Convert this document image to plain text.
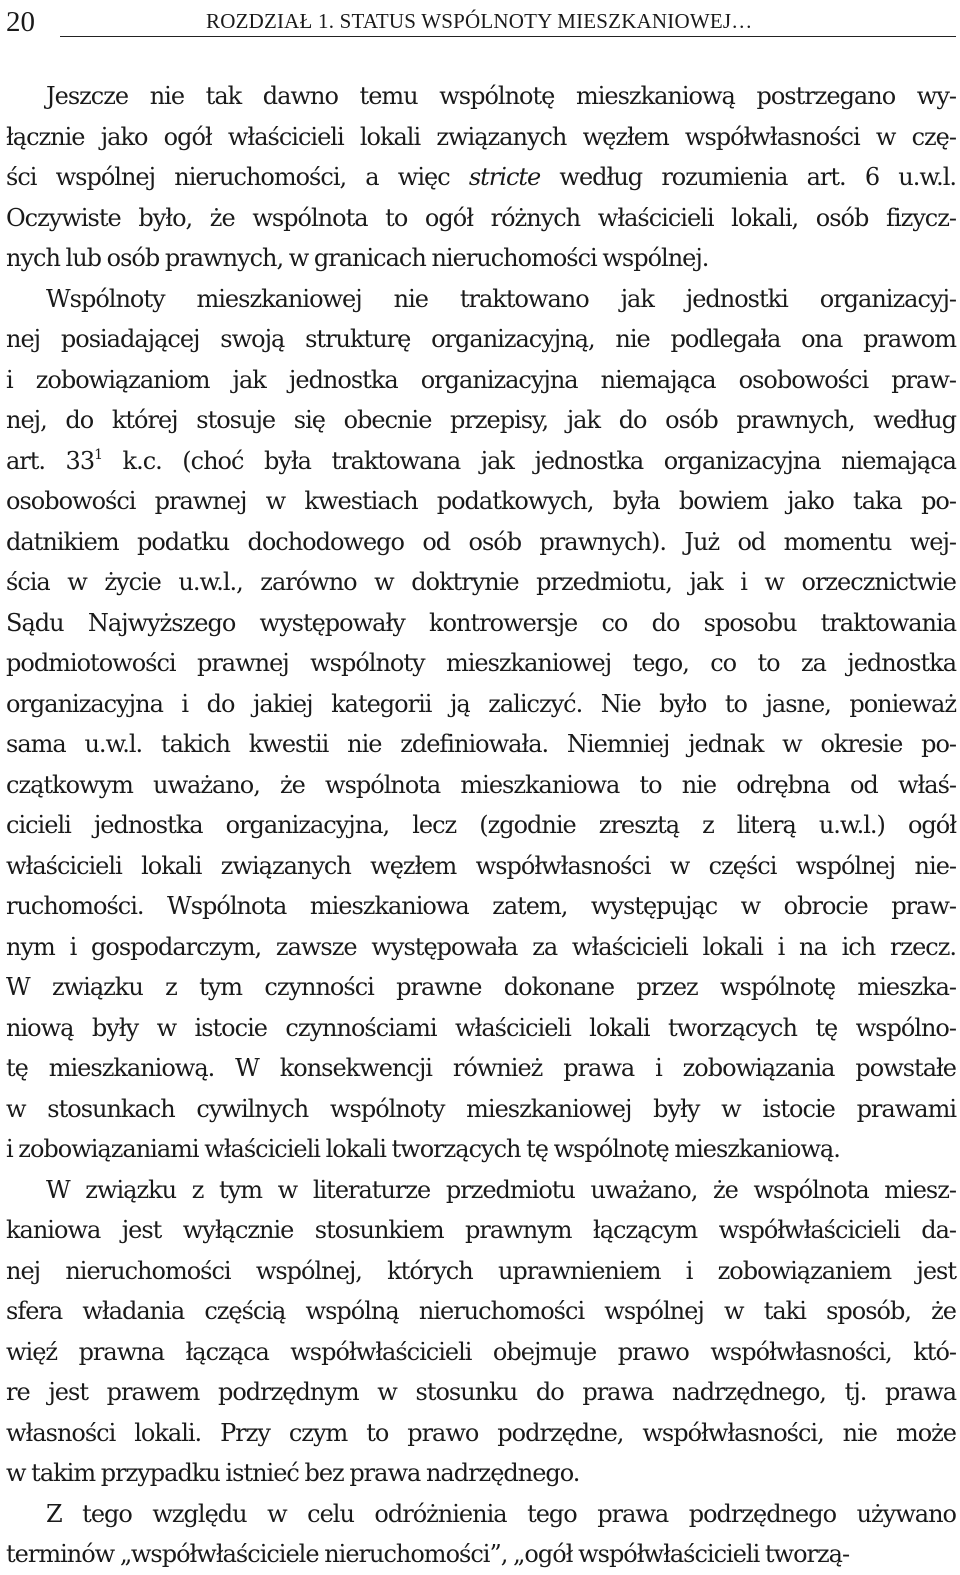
20	ROZDZIAŁ 1. STATUS WSPÓLNOTY MIESZKANIOWEJ…
Jeszcze nie tak dawno temu wspólnotę mieszkaniową postrzegano wy-
łącznie jako ogół właścicieli lokali związanych węzłem współwłasności w czę-
ści wspólnej nieruchomości, a więc stricte według rozumienia art. 6 u.w.l.
Oczywiste było, że wspólnota to ogół różnych właścicieli lokali, osób fizycz-
nych lub osób prawnych, w granicach nieruchomości wspólnej.
Wspólnoty mieszkaniowej nie traktowano jak jednostki organizacyj-
nej posiadającej swoją strukturę organizacyjną, nie podlegała ona prawom
i zobowiązaniom jak jednostka organizacyjna niemająca osobowości praw-
nej, do której stosuje się obecnie przepisy, jak do osób prawnych, według
art. $33^1$ k.c. (choć była traktowana jak jednostka organizacyjna niemająca
osobowości prawnej w kwestiach podatkowych, była bowiem jako taka po-
datnikiem podatku dochodowego od osób prawnych). Już od momentu wej-
ścia w życie u.w.l., zarówno w doktrynie przedmiotu, jak i w orzecznictwie
Sądu Najwyższego występowały kontrowersje co do sposobu traktowania
podmiotowości prawnej wspólnoty mieszkaniowej tego, co to za jednostka
organizacyjna i do jakiej kategorii ją zaliczyć. Nie było to jasne, ponieważ
sama u.w.l. takich kwestii nie zdefiniowała. Niemniej jednak w okresie po-
czątkowym uważano, że wspólnota mieszkaniowa to nie odrębna od właś-
cicieli jednostka organizacyjna, lecz (zgodnie zresztą z literą u.w.l.) ogół
właścicieli lokali związanych węzłem współwłasności w części wspólnej nie-
ruchomości. Wspólnota mieszkaniowa zatem, występując w obrocie praw-
nym i gospodarczym, zawsze występowała za właścicieli lokali i na ich rzecz.
W związku z tym czynności prawne dokonane przez wspólnotę mieszka-
niową były w istocie czynnościami właścicieli lokali tworzących tę wspólno-
tę mieszkaniową. W konsekwencji również prawa i zobowiązania powstałe
w stosunkach cywilnych wspólnoty mieszkaniowej były w istocie prawami
i zobowiązaniami właścicieli lokali tworzących tę wspólnotę mieszkaniową.
W związku z tym w literaturze przedmiotu uważano, że wspólnota miesz-
kaniowa jest wyłącznie stosunkiem prawnym łączącym współwłaścicieli da-
nej nieruchomości wspólnej, których uprawnieniem i zobowiązaniem jest
sfera władania częścią wspólną nieruchomości wspólnej w taki sposób, że
więź prawna łącząca współwłaścicieli obejmuje prawo współwłasności, któ-
re jest prawem podrzędnym w stosunku do prawa nadrzędnego, tj. prawa
własności lokali. Przy czym to prawo podrzędne, współwłasności, nie może
w takim przypadku istnieć bez prawa nadrzędnego.
Z tego względu w celu odróżnienia tego prawa podrzędnego używano
terminów „współwłaściciele nieruchomości”, „ogół współwłaścicieli tworzą-
